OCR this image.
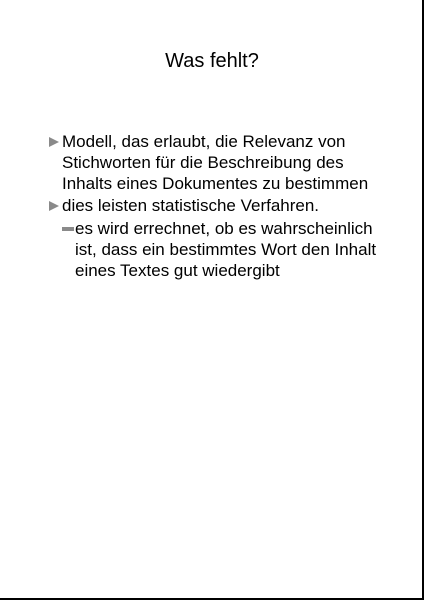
Was fehlt?
Modell, das erlaubt, die Relevanz von Stichworten für die Beschreibung des Inhalts eines Dokumentes zu bestimmen
dies leisten statistische Verfahren.
es wird errechnet, ob es wahrscheinlich ist, dass ein bestimmtes Wort den Inhalt eines Textes gut wiedergibt
